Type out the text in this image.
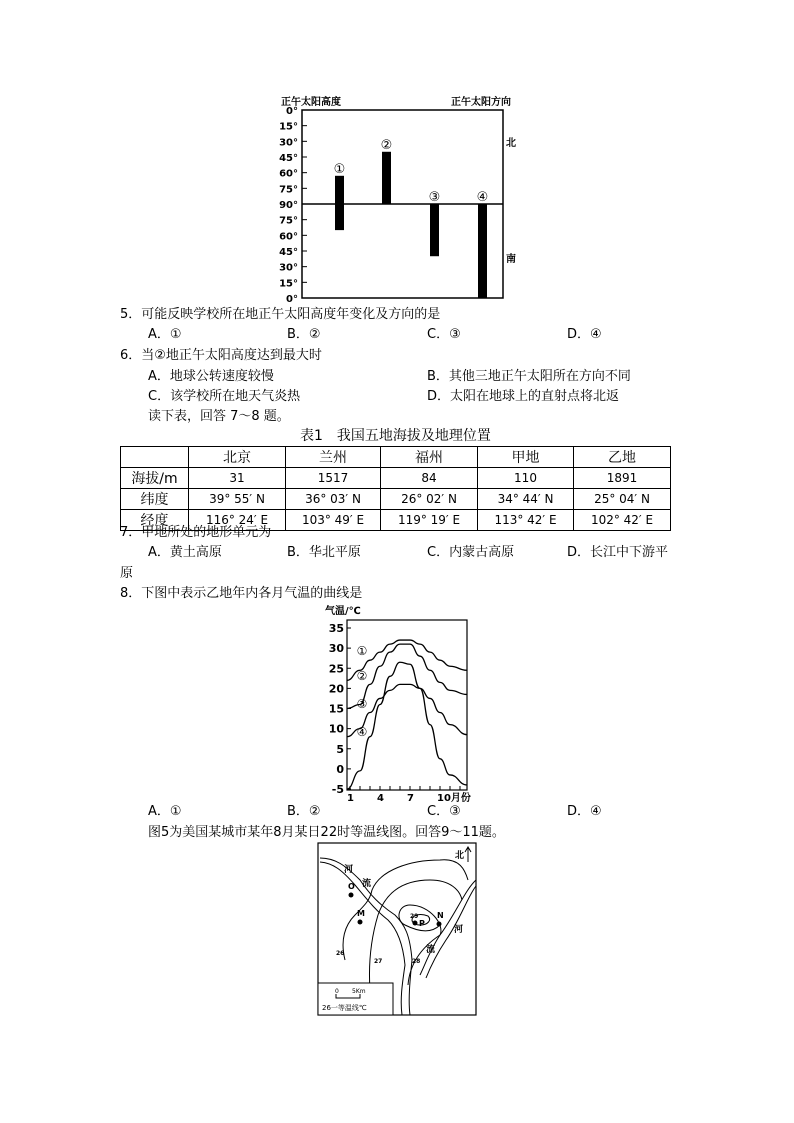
正午太阳高度	正午太阳方向
北
南
0°
15°
30°
45°
60°
75°
90°
75°
60°
45°
30°
15°
0°
①
②
③	④
气温/℃
35
30
25
20
15
10
5
0
-5
1 4 7 10月份
①
②
③
④
北
河
流
河
流
O
M	N
P
26
27	28
29
0 5Km
26一等温线℃
5．可能反映学校所在地正午太阳高度年变化及方向的是
A．①	B．②	C．③	D．④
6．当②地正午太阳高度达到最大时
A．地球公转速度较慢	B．其他三地正午太阳所在方向不同
C．该学校所在地天气炎热	D．太阳在地球上的直射点将北返
读下表，回答 7～8 题。
表1　我国五地海拔及地理位置
	北京	兰州	福州	甲地	乙地
海拔/m	31	1517	84	110	1891
纬度	39° 55′ N	36° 03′ N	26° 02′ N	34° 44′ N	25° 04′ N
经度	116° 24′ E	103° 49′ E	119° 19′ E	113° 42′ E	102° 42′ E
7．甲地所处的地形单元为
A．黄土高原	B．华北平原	C．内蒙古高原	D．长江中下游平
原
8．下图中表示乙地年内各月气温的曲线是
A．①	B．②	C．③	D．④
图5为美国某城市某年8月某日22时等温线图。回答9～11题。
